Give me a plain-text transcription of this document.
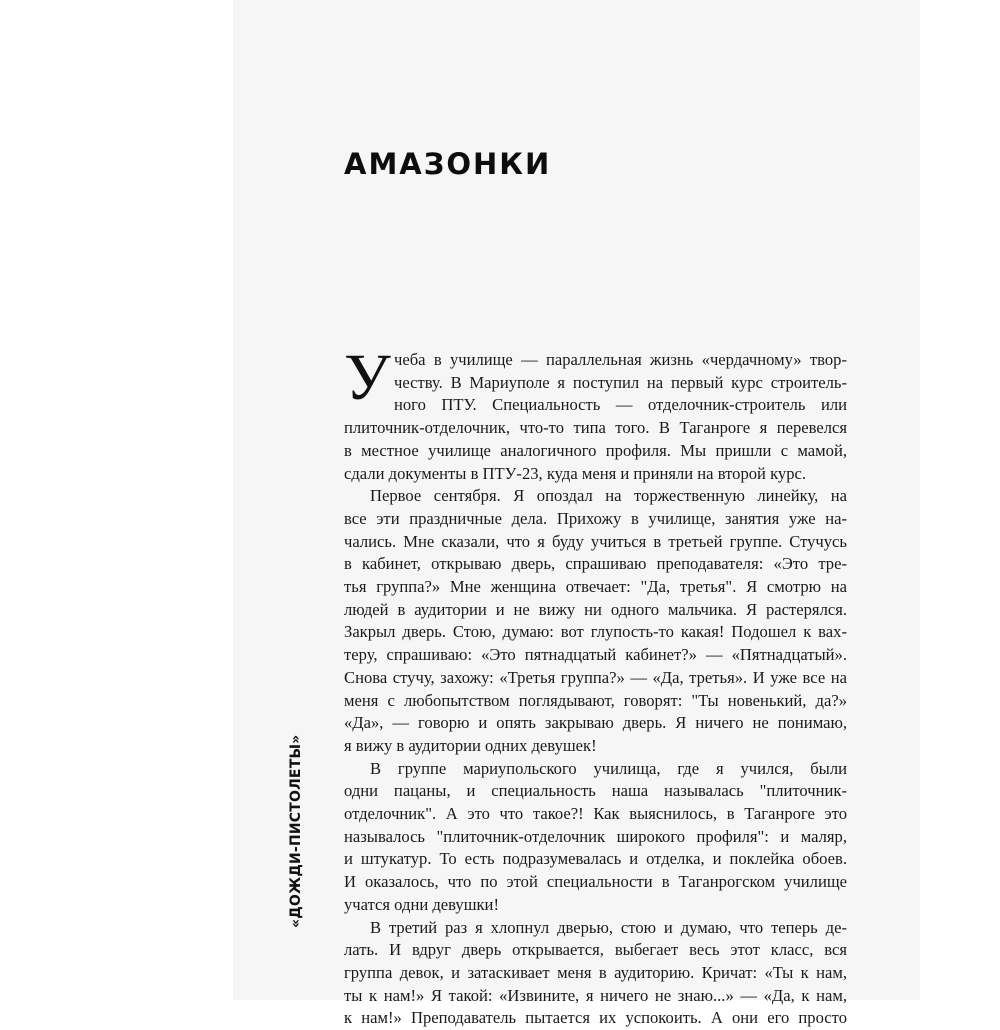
«ДОЖДИ-ПИСТОЛЕТЫ»
АМАЗОНКИ
У чеба в училище — параллельная жизнь «чердачному» твор-
честву. В Мариуполе я поступил на первый курс строитель-
ного ПТУ. Специальность — отделочник-строитель или
плиточник-отделочник, что-то типа того. В Таганроге я перевелся
в местное училище аналогичного профиля. Мы пришли с мамой,
сдали документы в ПТУ-23, куда меня и приняли на второй курс.
Первое сентября. Я опоздал на торжественную линейку, на
все эти праздничные дела. Прихожу в училище, занятия уже на-
чались. Мне сказали, что я буду учиться в третьей группе. Стучусь
в кабинет, открываю дверь, спрашиваю преподавателя: «Это тре-
тья группа?» Мне женщина отвечает: "Да, третья". Я смотрю на
людей в аудитории и не вижу ни одного мальчика. Я растерялся.
Закрыл дверь. Стою, думаю: вот глупость-то какая! Подошел к вах-
теру, спрашиваю: «Это пятнадцатый кабинет?» — «Пятнадцатый».
Снова стучу, захожу: «Третья группа?» — «Да, третья». И уже все на
меня с любопытством поглядывают, говорят: "Ты новенький, да?»
«Да», — говорю и опять закрываю дверь. Я ничего не понимаю,
я вижу в аудитории одних девушек!
В группе мариупольского училища, где я учился, были
одни пацаны, и специальность наша называлась "плиточник-
отделочник". А это что такое?! Как выяснилось, в Таганроге это
называлось "плиточник-отделочник широкого профиля": и маляр,
и штукатур. То есть подразумевалась и отделка, и поклейка обоев.
И оказалось, что по этой специальности в Таганрогском училище
учатся одни девушки!
В третий раз я хлопнул дверью, стою и думаю, что теперь де-
лать. И вдруг дверь открывается, выбегает весь этот класс, вся
группа девок, и затаскивает меня в аудиторию. Кричат: «Ты к нам,
ты к нам!» Я такой: «Извините, я ничего не знаю...» — «Да, к нам,
к нам!» Преподаватель пытается их успокоить. А они его просто
